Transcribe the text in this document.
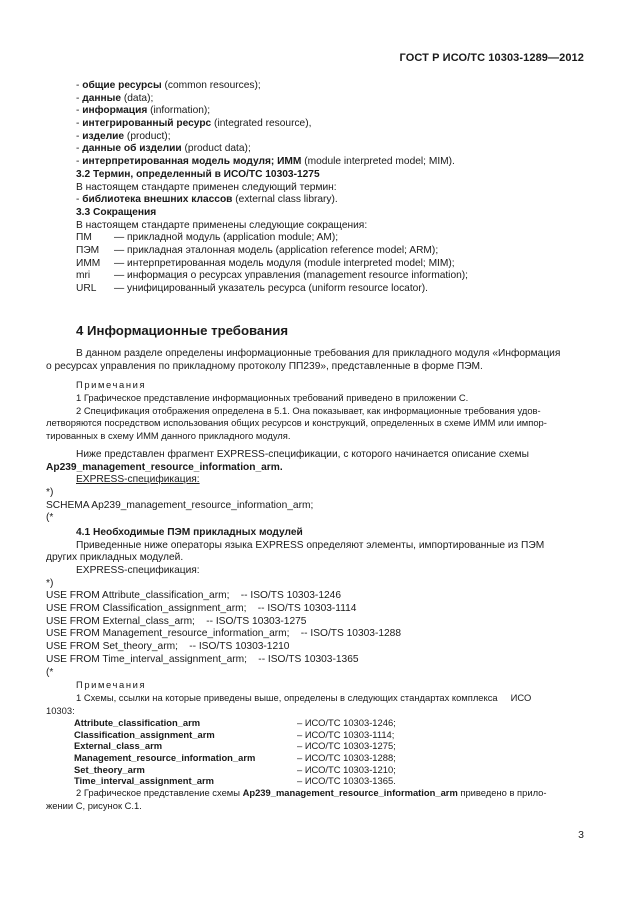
ГОСТ Р ИСО/ТС 10303-1289—2012
- общие ресурсы (common resources);
- данные (data);
- информация (information);
- интегрированный ресурс (integrated resource),
- изделие (product);
- данные об изделии (product data);
- интерпретированная модель модуля; ИММ (module interpreted model; MIM).
3.2 Термин, определенный в ИСО/ТС 10303-1275
В настоящем стандарте применен следующий термин:
- библиотека внешних классов (external class library).
3.3 Сокращения
В настоящем стандарте применены следующие сокращения:
ПМ — прикладной модуль (application module; AM);
ПЭМ — прикладная эталонная модель (application reference model; ARM);
ИММ — интерпретированная модель модуля (module interpreted model; MIM);
mri — информация о ресурсах управления (management resource information);
URL — унифицированный указатель ресурса (uniform resource locator).
4 Информационные требования
В данном разделе определены информационные требования для прикладного модуля «Информация
о ресурсах управления по прикладному протоколу ПП239», представленные в форме ПЭМ.
Примечания
1 Графическое представление информационных требований приведено в приложении С.
2 Спецификация отображения определена в 5.1. Она показывает, как информационные требования удов-
летворяются посредством использования общих ресурсов и конструкций, определенных в схеме ИММ или импор-
тированных в схему ИММ данного прикладного модуля.
Ниже представлен фрагмент EXPRESS-спецификации, с которого начинается описание схемы
Ap239_management_resource_information_arm.
EXPRESS-спецификация:
*)
SCHEMA Ap239_management_resource_information_arm;
(*
4.1 Необходимые ПЭМ прикладных модулей
Приведенные ниже операторы языка EXPRESS определяют элементы, импортированные из ПЭМ
других прикладных модулей.
EXPRESS-спецификация:
*)
USE FROM Attribute_classification_arm;    -- ISO/TS 10303-1246
USE FROM Classification_assignment_arm;    -- ISO/TS 10303-1114
USE FROM External_class_arm;    -- ISO/TS 10303-1275
USE FROM Management_resource_information_arm;    -- ISO/TS 10303-1288
USE FROM Set_theory_arm;    -- ISO/TS 10303-1210
USE FROM Time_interval_assignment_arm;    -- ISO/TS 10303-1365
(*
Примечания
1 Схемы, ссылки на которые приведены выше, определены в следующих стандартах комплекса     ИСО
10303:
Attribute_classification_arm	– ИСО/ТС 10303-1246;
Classification_assignment_arm	– ИСО/ТС 10303-1114;
External_class_arm	– ИСО/ТС 10303-1275;
Management_resource_information_arm	– ИСО/ТС 10303-1288;
Set_theory_arm	– ИСО/ТС 10303-1210;
Time_interval_assignment_arm	– ИСО/ТС 10303-1365.
2 Графическое представление схемы Ap239_management_resource_information_arm приведено в прило-
жении С, рисунок С.1.
3
